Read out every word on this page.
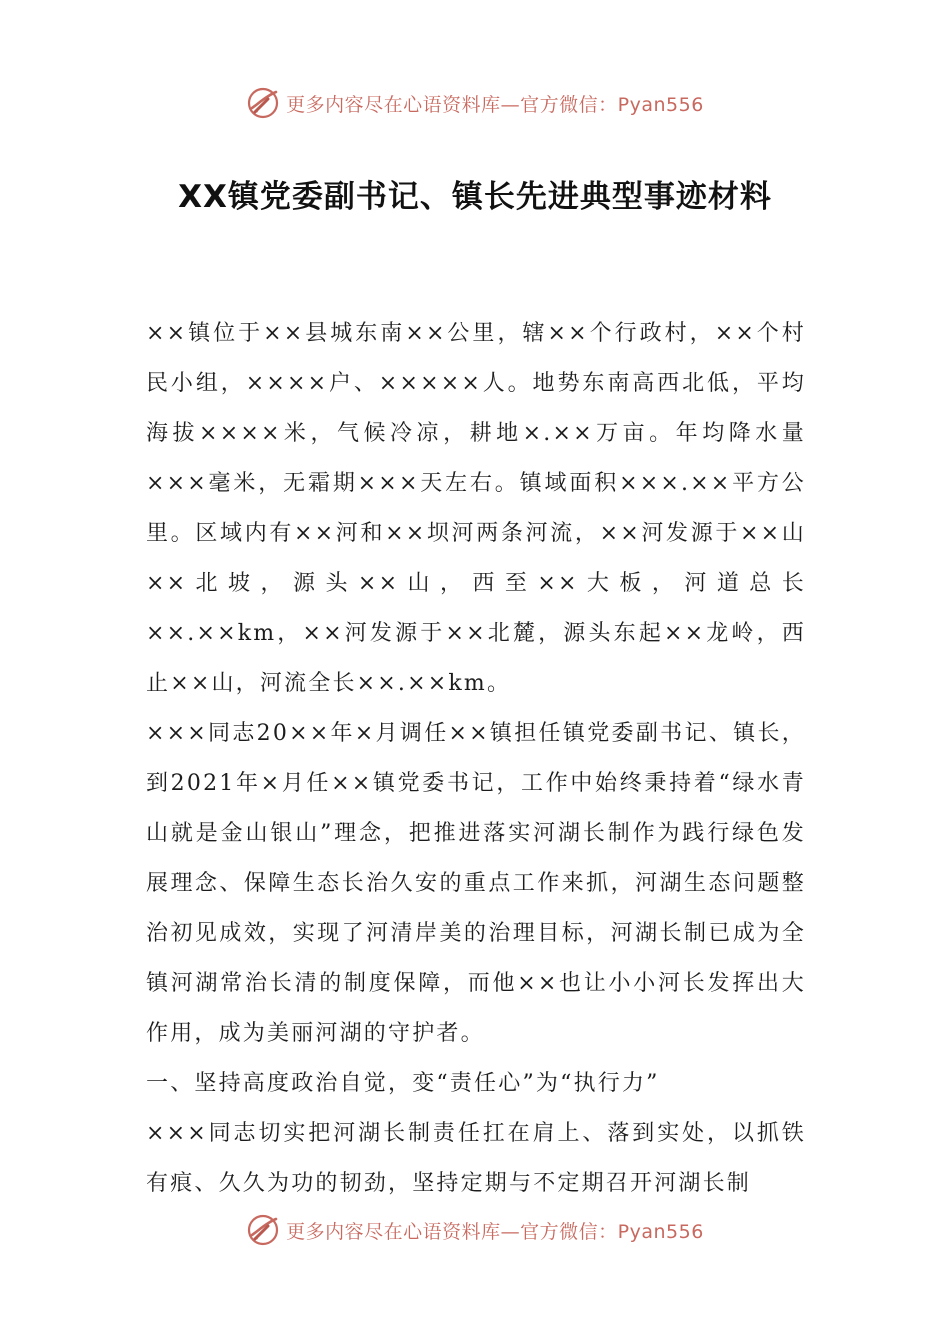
更多内容尽在心语资料库—官方微信：Pyan556
XX镇党委副书记、镇长先进典型事迹材料

××镇位于××县城东南××公里，辖××个行政村，××个村民小组，××××户、×××××人。地势东南高西北低，平均海拔××××米，气候冷凉，耕地×.××万亩。年均降水量×××毫米，无霜期×××天左右。镇域面积×××.××平方公里。区域内有××河和××坝河两条河流，××河发源于××山××北坡，源头××山，西至××大板，河道总长××.××km，××河发源于××北麓，源头东起××龙岭，西止××山，河流全长××.××km。

×××同志20××年×月调任××镇担任镇党委副书记、镇长，到2021年×月任××镇党委书记，工作中始终秉持着“绿水青山就是金山银山”理念，把推进落实河湖长制作为践行绿色发展理念、保障生态长治久安的重点工作来抓，河湖生态问题整治初见成效，实现了河清岸美的治理目标，河湖长制已成为全镇河湖常治长清的制度保障，而他××也让小小河长发挥出大作用，成为美丽河湖的守护者。

一、坚持高度政治自觉，变“责任心”为“执行力”

×××同志切实把河湖长制责任扛在肩上、落到实处，以抓铁有痕、久久为功的韧劲，坚持定期与不定期召开河湖长制

更多内容尽在心语资料库—官方微信：Pyan556
